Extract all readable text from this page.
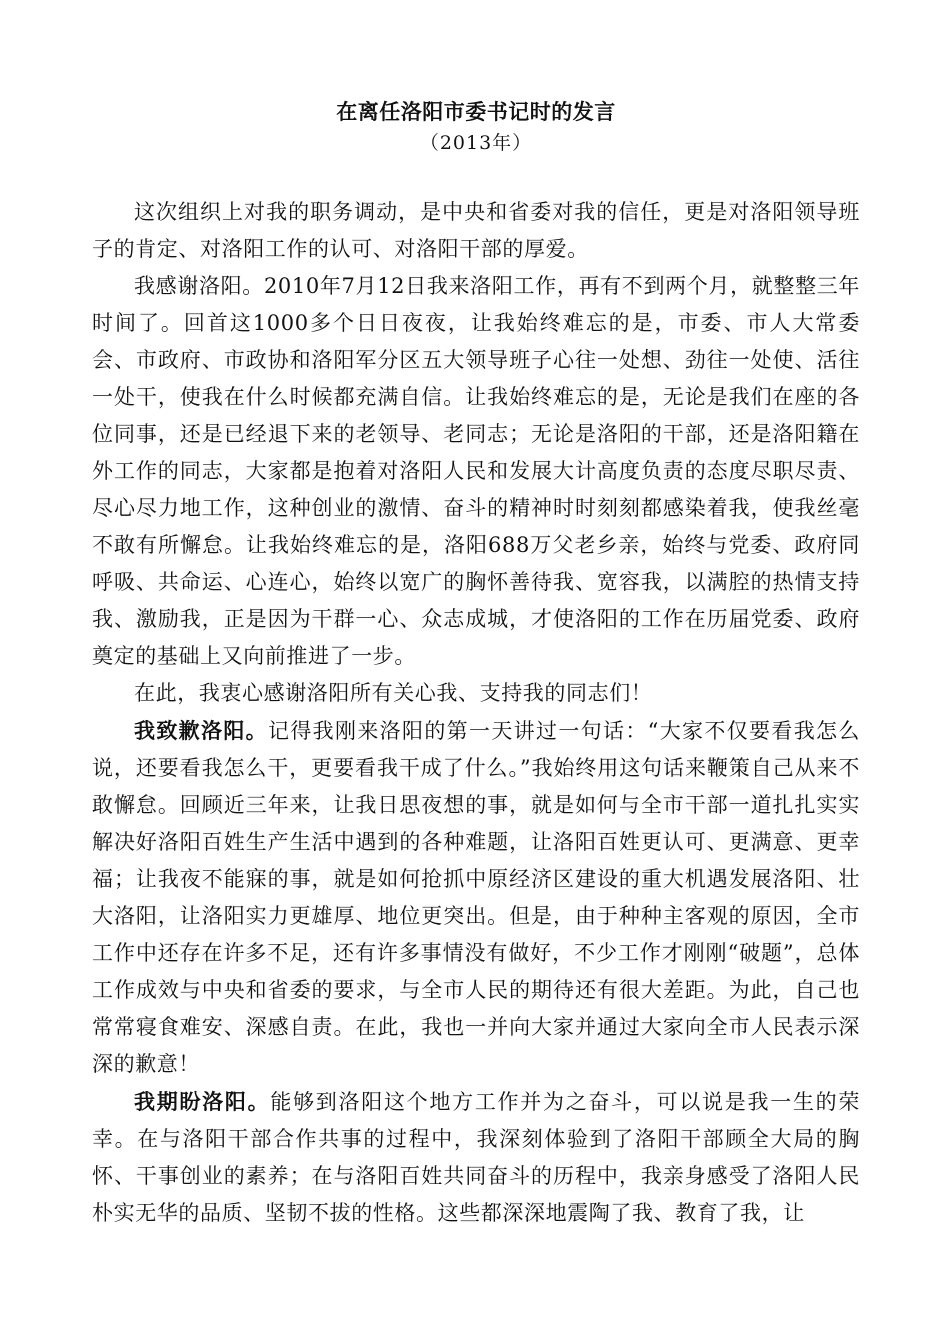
在离任洛阳市委书记时的发言

（2013年）

这次组织上对我的职务调动，是中央和省委对我的信任，更是对洛阳领导班子的肯定、对洛阳工作的认可、对洛阳干部的厚爱。

我感谢洛阳。2010年7月12日我来洛阳工作，再有不到两个月，就整整三年时间了。回首这1000多个日日夜夜，让我始终难忘的是，市委、市人大常委会、市政府、市政协和洛阳军分区五大领导班子心往一处想、劲往一处使、活往一处干，使我在什么时候都充满自信。让我始终难忘的是，无论是我们在座的各位同事，还是已经退下来的老领导、老同志；无论是洛阳的干部，还是洛阳籍在外工作的同志，大家都是抱着对洛阳人民和发展大计高度负责的态度尽职尽责、尽心尽力地工作，这种创业的激情、奋斗的精神时时刻刻都感染着我，使我丝毫不敢有所懈怠。让我始终难忘的是，洛阳688万父老乡亲，始终与党委、政府同呼吸、共命运、心连心，始终以宽广的胸怀善待我、宽容我，以满腔的热情支持我、激励我，正是因为干群一心、众志成城，才使洛阳的工作在历届党委、政府奠定的基础上又向前推进了一步。

在此，我衷心感谢洛阳所有关心我、支持我的同志们！

我致歉洛阳。记得我刚来洛阳的第一天讲过一句话：“大家不仅要看我怎么说，还要看我怎么干，更要看我干成了什么。”我始终用这句话来鞭策自己从来不敢懈怠。回顾近三年来，让我日思夜想的事，就是如何与全市干部一道扎扎实实解决好洛阳百姓生产生活中遇到的各种难题，让洛阳百姓更认可、更满意、更幸福；让我夜不能寐的事，就是如何抢抓中原经济区建设的重大机遇发展洛阳、壮大洛阳，让洛阳实力更雄厚、地位更突出。但是，由于种种主客观的原因，全市工作中还存在许多不足，还有许多事情没有做好，不少工作才刚刚“破题”，总体工作成效与中央和省委的要求，与全市人民的期待还有很大差距。为此，自己也常常寝食难安、深感自责。在此，我也一并向大家并通过大家向全市人民表示深深的歉意！

我期盼洛阳。能够到洛阳这个地方工作并为之奋斗，可以说是我一生的荣幸。在与洛阳干部合作共事的过程中，我深刻体验到了洛阳干部顾全大局的胸怀、干事创业的素养；在与洛阳百姓共同奋斗的历程中，我亲身感受了洛阳人民朴实无华的品质、坚韧不拔的性格。这些都深深地震陶了我、教育了我，让
